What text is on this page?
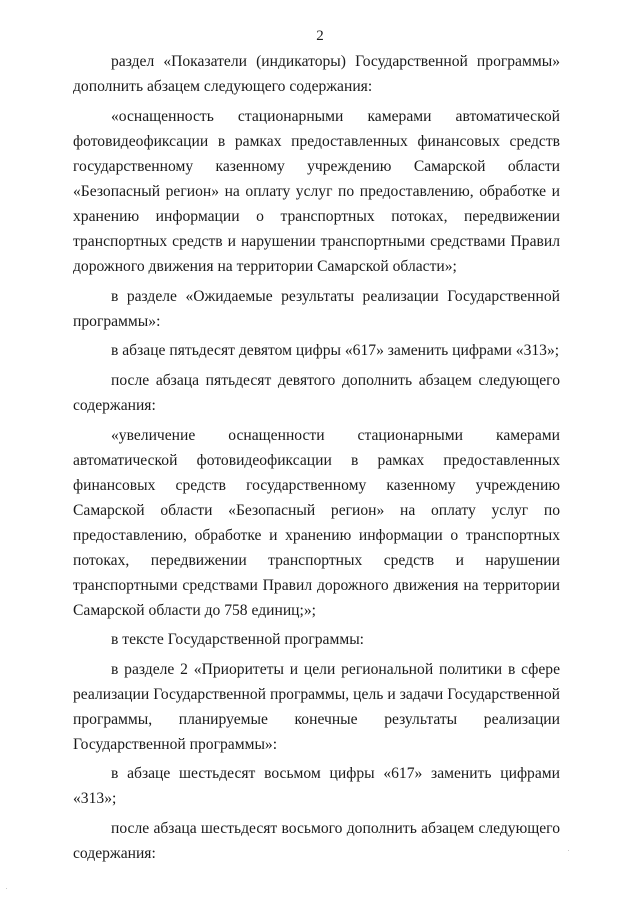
2

раздел «Показатели (индикаторы) Государственной программы» дополнить абзацем следующего содержания:

«оснащенность стационарными камерами автоматической фотовидеофиксации в рамках предоставленных финансовых средств государственному казенному учреждению Самарской области «Безопасный регион» на оплату услуг по предоставлению, обработке и хранению информации о транспортных потоках, передвижении транспортных средств и нарушении транспортными средствами Правил дорожного движения на территории Самарской области»;

в разделе «Ожидаемые результаты реализации Государственной программы»:

в абзаце пятьдесят девятом цифры «617» заменить цифрами «313»;

после абзаца пятьдесят девятого дополнить абзацем следующего содержания:

«увеличение оснащенности стационарными камерами автоматической фотовидеофиксации в рамках предоставленных финансовых средств государственному казенному учреждению Самарской области «Безопасный регион» на оплату услуг по предоставлению, обработке и хранению информации о транспортных потоках, передвижении транспортных средств и нарушении транспортными средствами Правил дорожного движения на территории Самарской области до 758 единиц;»;

в тексте Государственной программы:

в разделе 2 «Приоритеты и цели региональной политики в сфере реализации Государственной программы, цель и задачи Государственной программы, планируемые конечные результаты реализации Государственной программы»:

в абзаце шестьдесят восьмом цифры «617» заменить цифрами «313»;

после абзаца шестьдесят восьмого дополнить абзацем следующего содержания:
